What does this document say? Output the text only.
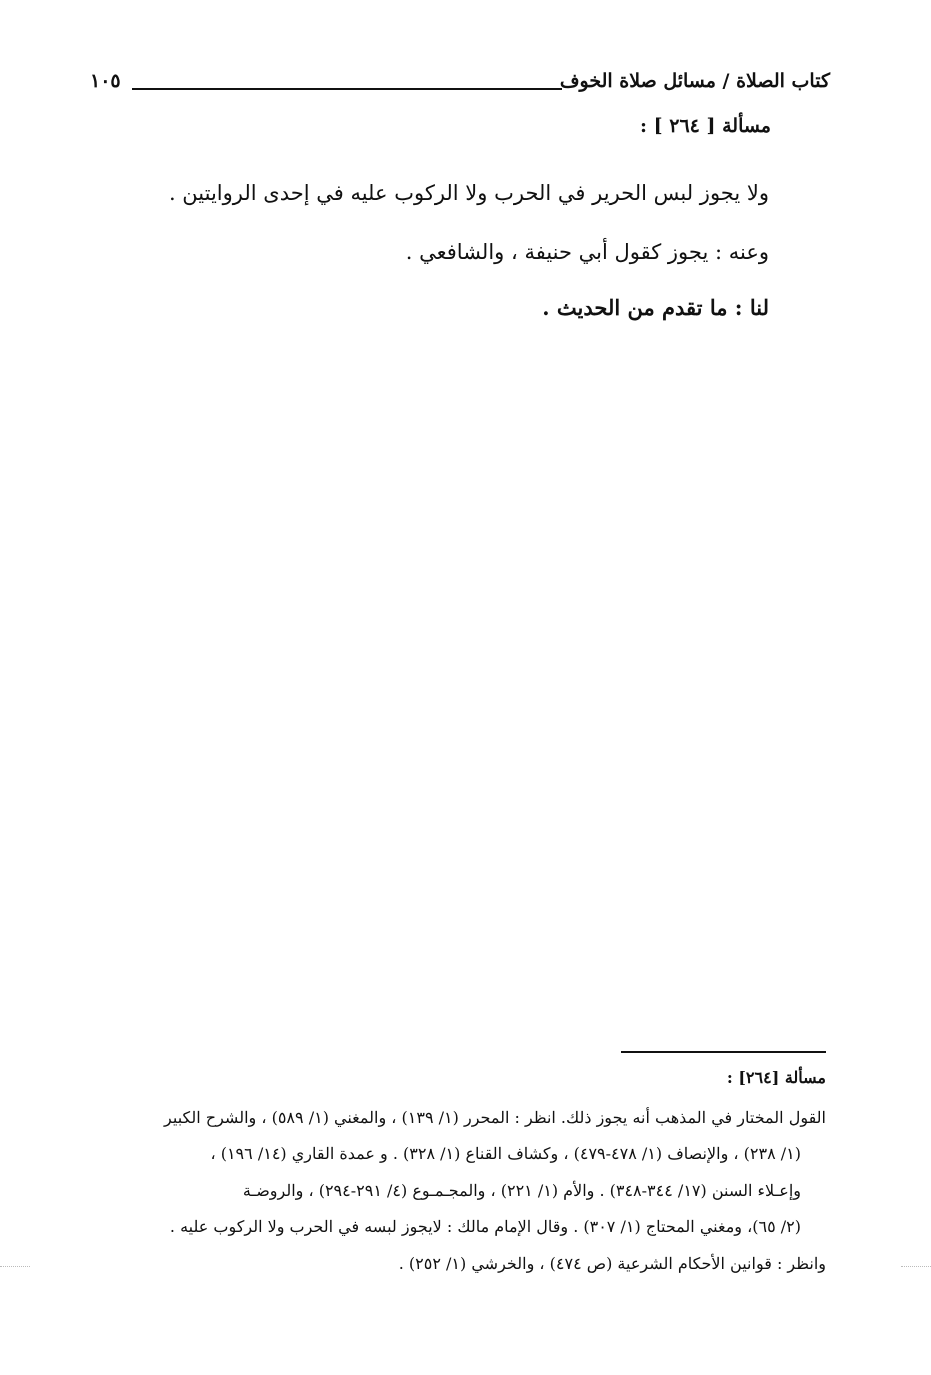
كتاب الصلاة / مسائل صلاة الخوف
١٠٥
مسألة [ ٢٦٤ ] :
ولا يجوز لبس الحرير في الحرب ولا الركوب عليه في إحدى الروايتين .
وعنه : يجوز كقول أبي حنيفة ، والشافعي .
لنا : ما تقدم من الحديث .
مسألة [٢٦٤] :
القول المختار في المذهب أنه يجوز ذلك. انظر : المحرر (١/ ١٣٩) ، والمغني (١/ ٥٨٩) ، والشرح الكبير
(١/ ٢٣٨) ، والإنصاف (١/ ٤٧٨-٤٧٩) ، وكشاف القناع (١/ ٣٢٨) . و عمدة القاري (١٤/ ١٩٦) ،
وإعـلاء السنن (١٧/ ٣٤٤-٣٤٨) . والأم (١/ ٢٢١) ، والمجـمـوع (٤/ ٢٩١-٢٩٤) ، والروضـة
(٢/ ٦٥)، ومغني المحتاج (١/ ٣٠٧) . وقال الإمام مالك : لايجوز لبسه في الحرب ولا الركوب عليه .
وانظر : قوانين الأحكام الشرعية (ص ٤٧٤) ، والخرشي (١/ ٢٥٢) .
